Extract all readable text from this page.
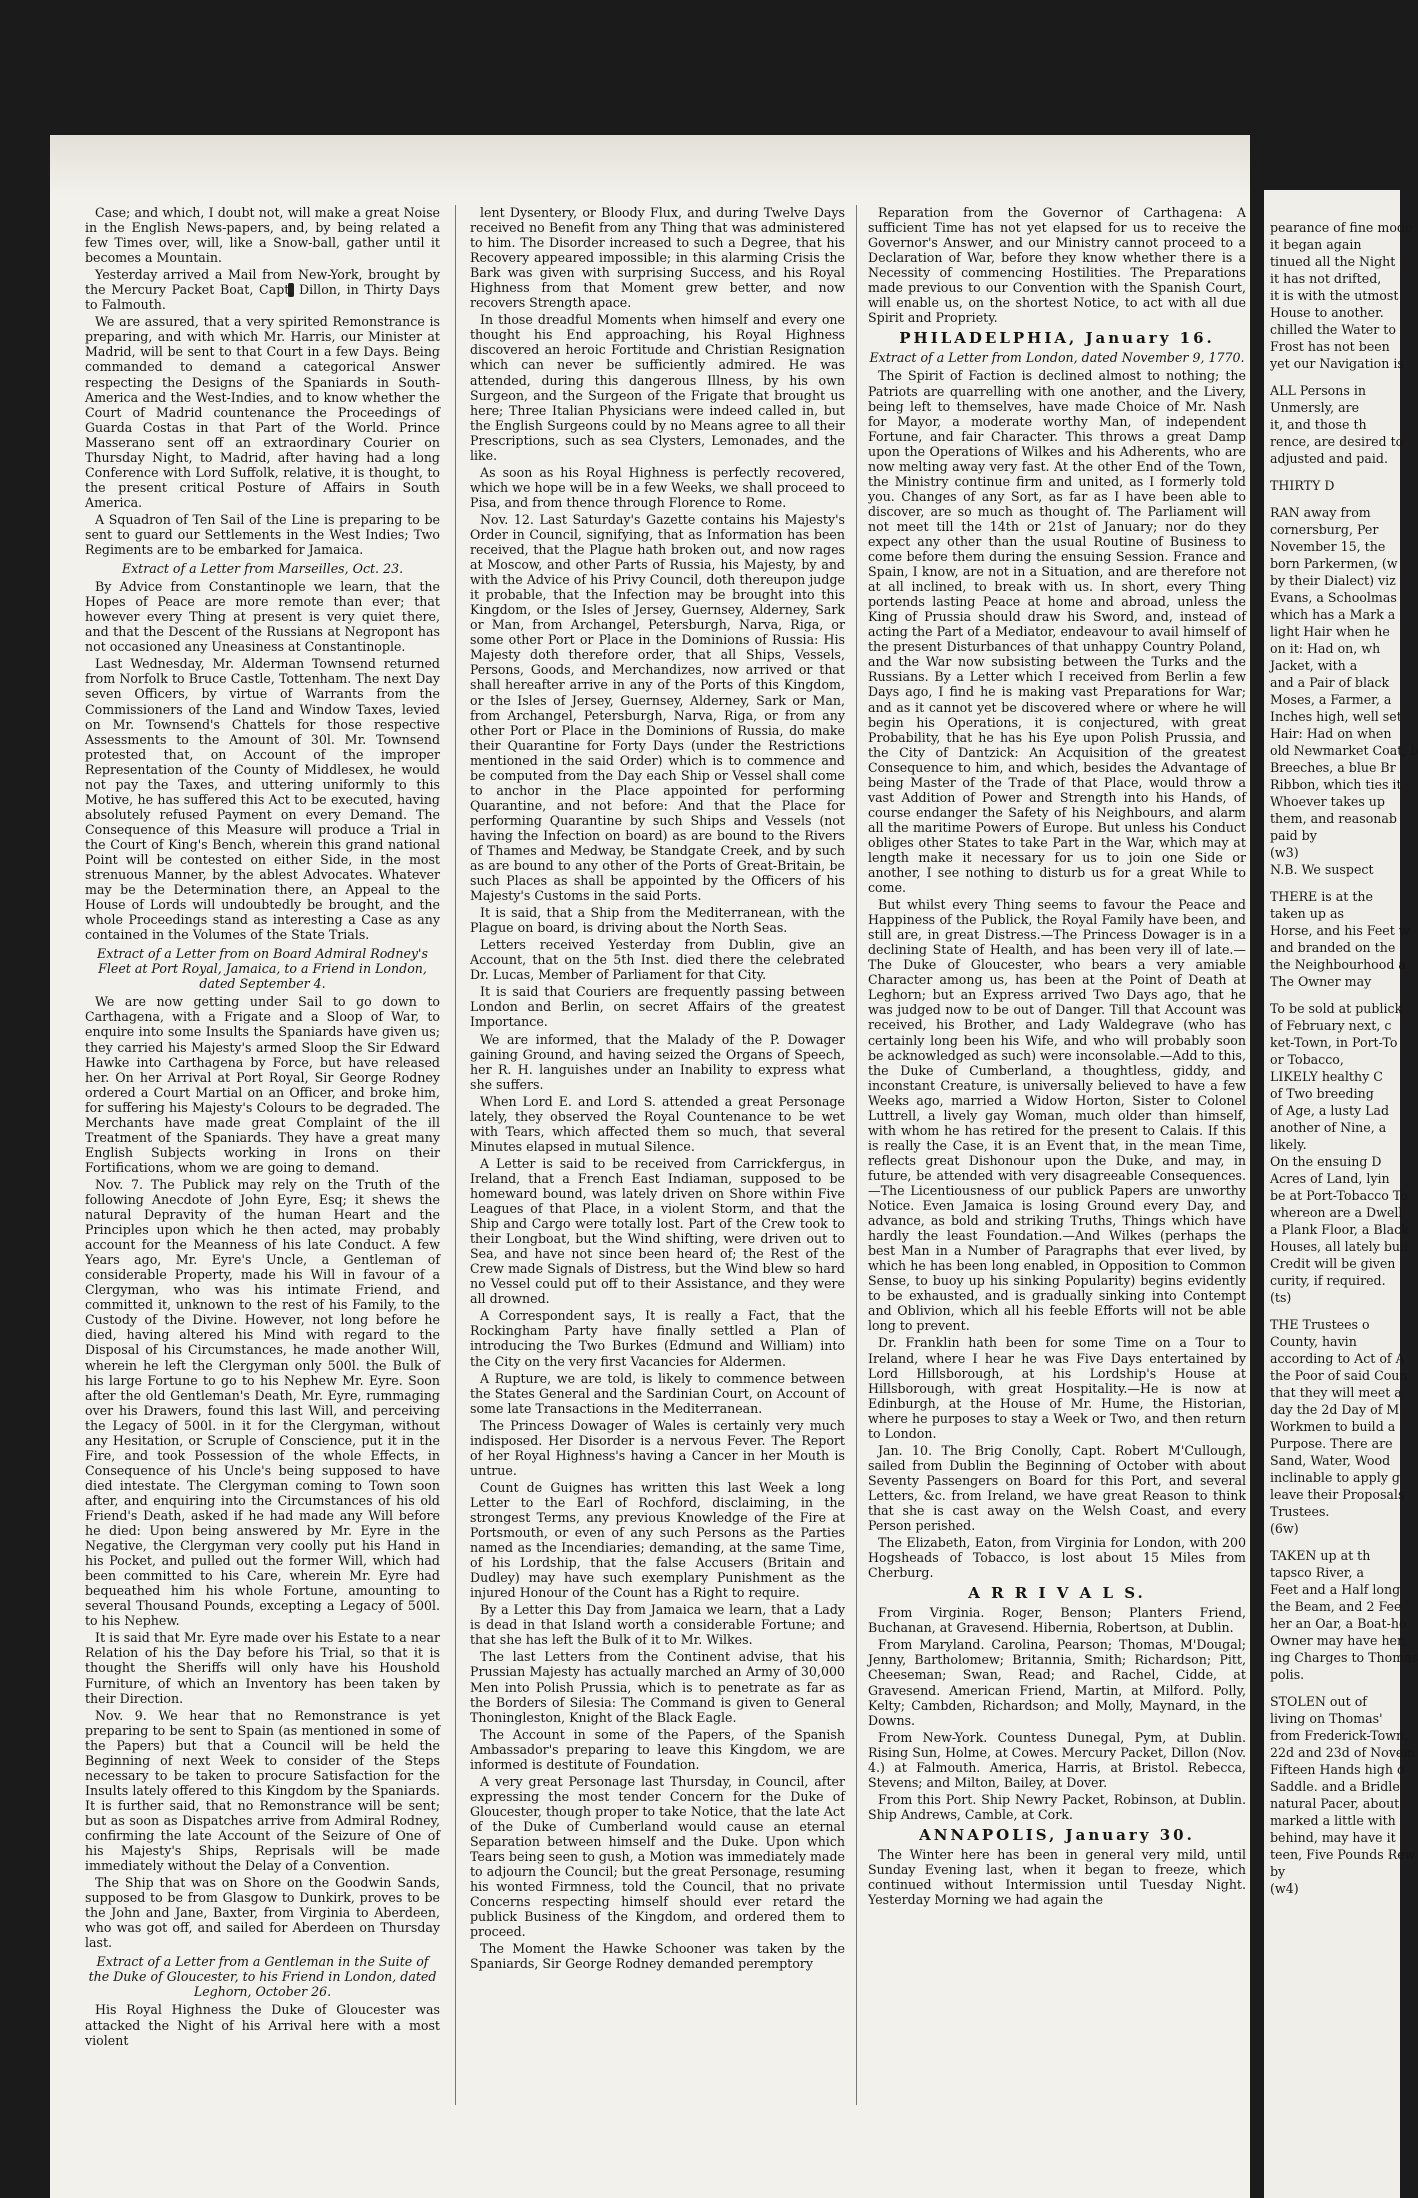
Case; and which, I doubt not, will make a great Noise in the English News-papers, and, by being related a few Times over, will, like a Snow-ball, gather until it becomes a Mountain.

Yesterday arrived a Mail from New-York, brought by the Mercury Packet Boat, Capt. Dillon, in Thirty Days to Falmouth.

We are assured, that a very spirited Remonstrance is preparing, and with which Mr. Harris, our Minister at Madrid, will be sent to that Court in a few Days. Being commanded to demand a categorical Answer respecting the Designs of the Spaniards in South-America and the West-Indies, and to know whether the Court of Madrid countenance the Proceedings of Guarda Costas in that Part of the World. Prince Masserano sent off an extraordinary Courier on Thursday Night, to Madrid, after having had a long Conference with Lord Suffolk, relative, it is thought, to the present critical Posture of Affairs in South America.

A Squadron of Ten Sail of the Line is preparing to be sent to guard our Settlements in the West Indies; Two Regiments are to be embarked for Jamaica.

Extract of a Letter from Marseilles, Oct. 23.

By Advice from Constantinople we learn, that the Hopes of Peace are more remote than ever; that however every Thing at present is very quiet there, and that the Descent of the Russians at Negropont has not occasioned any Uneasiness at Constantinople.

Last Wednesday, Mr. Alderman Townsend returned from Norfolk to Bruce Castle, Tottenham. The next Day seven Officers, by virtue of Warrants from the Commissioners of the Land and Window Taxes, levied on Mr. Townsend's Chattels for those respective Assessments to the Amount of 30l. Mr. Townsend protested that, on Account of the improper Representation of the County of Middlesex, he would not pay the Taxes, and uttering uniformly to this Motive, he has suffered this Act to be executed, having absolutely refused Payment on every Demand. The Consequence of this Measure will produce a Trial in the Court of King's Bench, wherein this grand national Point will be contested on either Side, in the most strenuous Manner, by the ablest Advocates. Whatever may be the Determination there, an Appeal to the House of Lords will undoubtedly be brought, and the whole Proceedings stand as interesting a Case as any contained in the Volumes of the State Trials.

Extract of a Letter from on Board Admiral Rodney's Fleet at Port Royal, Jamaica, to a Friend in London, dated September 4.

We are now getting under Sail to go down to Carthagena, with a Frigate and a Sloop of War, to enquire into some Insults the Spaniards have given us; they carried his Majesty's armed Sloop the Sir Edward Hawke into Carthagena by Force, but have released her. On her Arrival at Port Royal, Sir George Rodney ordered a Court Martial on an Officer, and broke him, for suffering his Majesty's Colours to be degraded. The Merchants have made great Complaint of the ill Treatment of the Spaniards. They have a great many English Subjects working in Irons on their Fortifications, whom we are going to demand.

Nov. 7. The Publick may rely on the Truth of the following Anecdote of John Eyre, Esq; it shews the natural Depravity of the human Heart and the Principles upon which he then acted, may probably account for the Meanness of his late Conduct. A few Years ago, Mr. Eyre's Uncle, a Gentleman of considerable Property, made his Will in favour of a Clergyman, who was his intimate Friend, and committed it, unknown to the rest of his Family, to the Custody of the Divine. However, not long before he died, having altered his Mind with regard to the Disposal of his Circumstances, he made another Will, wherein he left the Clergyman only 500l. the Bulk of his large Fortune to go to his Nephew Mr. Eyre. Soon after the old Gentleman's Death, Mr. Eyre, rummaging over his Drawers, found this last Will, and perceiving the Legacy of 500l. in it for the Clergyman, without any Hesitation, or Scruple of Conscience, put it in the Fire, and took Possession of the whole Effects, in Consequence of his Uncle's being supposed to have died intestate. The Clergyman coming to Town soon after, and enquiring into the Circumstances of his old Friend's Death, asked if he had made any Will before he died: Upon being answered by Mr. Eyre in the Negative, the Clergyman very coolly put his Hand in his Pocket, and pulled out the former Will, which had been committed to his Care, wherein Mr. Eyre had bequeathed him his whole Fortune, amounting to several Thousand Pounds, excepting a Legacy of 500l. to his Nephew.

It is said that Mr. Eyre made over his Estate to a near Relation of his the Day before his Trial, so that it is thought the Sheriffs will only have his Houshold Furniture, of which an Inventory has been taken by their Direction.

Nov. 9. We hear that no Remonstrance is yet preparing to be sent to Spain (as mentioned in some of the Papers) but that a Council will be held the Beginning of next Week to consider of the Steps necessary to be taken to procure Satisfaction for the Insults lately offered to this Kingdom by the Spaniards. It is further said, that no Remonstrance will be sent; but as soon as Dispatches arrive from Admiral Rodney, confirming the late Account of the Seizure of One of his Majesty's Ships, Reprisals will be made immediately without the Delay of a Convention.

The Ship that was on Shore on the Goodwin Sands, supposed to be from Glasgow to Dunkirk, proves to be the John and Jane, Baxter, from Virginia to Aberdeen, who was got off, and sailed for Aberdeen on Thursday last.

Extract of a Letter from a Gentleman in the Suite of the Duke of Gloucester, to his Friend in London, dated Leghorn, October 26.

His Royal Highness the Duke of Gloucester was attacked the Night of his Arrival here with a most violent

lent Dysentery, or Bloody Flux, and during Twelve Days received no Benefit from any Thing that was administered to him. The Disorder increased to such a Degree, that his Recovery appeared impossible; in this alarming Crisis the Bark was given with surprising Success, and his Royal Highness from that Moment grew better, and now recovers Strength apace.

In those dreadful Moments when himself and every one thought his End approaching, his Royal Highness discovered an heroic Fortitude and Christian Resignation which can never be sufficiently admired. He was attended, during this dangerous Illness, by his own Surgeon, and the Surgeon of the Frigate that brought us here; Three Italian Physicians were indeed called in, but the English Surgeons could by no Means agree to all their Prescriptions, such as sea Clysters, Lemonades, and the like.

As soon as his Royal Highness is perfectly recovered, which we hope will be in a few Weeks, we shall proceed to Pisa, and from thence through Florence to Rome.

Nov. 12. Last Saturday's Gazette contains his Majesty's Order in Council, signifying, that as Information has been received, that the Plague hath broken out, and now rages at Moscow, and other Parts of Russia, his Majesty, by and with the Advice of his Privy Council, doth thereupon judge it probable, that the Infection may be brought into this Kingdom, or the Isles of Jersey, Guernsey, Alderney, Sark or Man, from Archangel, Petersburgh, Narva, Riga, or some other Port or Place in the Dominions of Russia: His Majesty doth therefore order, that all Ships, Vessels, Persons, Goods, and Merchandizes, now arrived or that shall hereafter arrive in any of the Ports of this Kingdom, or the Isles of Jersey, Guernsey, Alderney, Sark or Man, from Archangel, Petersburgh, Narva, Riga, or from any other Port or Place in the Dominions of Russia, do make their Quarantine for Forty Days (under the Restrictions mentioned in the said Order) which is to commence and be computed from the Day each Ship or Vessel shall come to anchor in the Place appointed for performing Quarantine, and not before: And that the Place for performing Quarantine by such Ships and Vessels (not having the Infection on board) as are bound to the Rivers of Thames and Medway, be Standgate Creek, and by such as are bound to any other of the Ports of Great-Britain, be such Places as shall be appointed by the Officers of his Majesty's Customs in the said Ports.

It is said, that a Ship from the Mediterranean, with the Plague on board, is driving about the North Seas.

Letters received Yesterday from Dublin, give an Account, that on the 5th Inst. died there the celebrated Dr. Lucas, Member of Parliament for that City.

It is said that Couriers are frequently passing between London and Berlin, on secret Affairs of the greatest Importance.

We are informed, that the Malady of the P. Dowager gaining Ground, and having seized the Organs of Speech, her R. H. languishes under an Inability to express what she suffers.

When Lord E. and Lord S. attended a great Personage lately, they observed the Royal Countenance to be wet with Tears, which affected them so much, that several Minutes elapsed in mutual Silence.

A Letter is said to be received from Carrickfergus, in Ireland, that a French East Indiaman, supposed to be homeward bound, was lately driven on Shore within Five Leagues of that Place, in a violent Storm, and that the Ship and Cargo were totally lost. Part of the Crew took to their Longboat, but the Wind shifting, were driven out to Sea, and have not since been heard of; the Rest of the Crew made Signals of Distress, but the Wind blew so hard no Vessel could put off to their Assistance, and they were all drowned.

A Correspondent says, It is really a Fact, that the Rockingham Party have finally settled a Plan of introducing the Two Burkes (Edmund and William) into the City on the very first Vacancies for Aldermen.

A Rupture, we are told, is likely to commence between the States General and the Sardinian Court, on Account of some late Transactions in the Mediterranean.

The Princess Dowager of Wales is certainly very much indisposed. Her Disorder is a nervous Fever. The Report of her Royal Highness's having a Cancer in her Mouth is untrue.

Count de Guignes has written this last Week a long Letter to the Earl of Rochford, disclaiming, in the strongest Terms, any previous Knowledge of the Fire at Portsmouth, or even of any such Persons as the Parties named as the Incendiaries; demanding, at the same Time, of his Lordship, that the false Accusers (Britain and Dudley) may have such exemplary Punishment as the injured Honour of the Count has a Right to require.

By a Letter this Day from Jamaica we learn, that a Lady is dead in that Island worth a considerable Fortune; and that she has left the Bulk of it to Mr. Wilkes.

The last Letters from the Continent advise, that his Prussian Majesty has actually marched an Army of 30,000 Men into Polish Prussia, which is to penetrate as far as the Borders of Silesia: The Command is given to General Thoningleston, Knight of the Black Eagle.

The Account in some of the Papers, of the Spanish Ambassador's preparing to leave this Kingdom, we are informed is destitute of Foundation.

A very great Personage last Thursday, in Council, after expressing the most tender Concern for the Duke of Gloucester, though proper to take Notice, that the late Act of the Duke of Cumberland would cause an eternal Separation between himself and the Duke. Upon which Tears being seen to gush, a Motion was immediately made to adjourn the Council; but the great Personage, resuming his wonted Firmness, told the Council, that no private Concerns respecting himself should ever retard the publick Business of the Kingdom, and ordered them to proceed.

The Moment the Hawke Schooner was taken by the Spaniards, Sir George Rodney demanded peremptory

Reparation from the Governor of Carthagena: A sufficient Time has not yet elapsed for us to receive the Governor's Answer, and our Ministry cannot proceed to a Declaration of War, before they know whether there is a Necessity of commencing Hostilities. The Preparations made previous to our Convention with the Spanish Court, will enable us, on the shortest Notice, to act with all due Spirit and Propriety.

PHILADELPHIA, January 16.

Extract of a Letter from London, dated November 9, 1770.

The Spirit of Faction is declined almost to nothing; the Patriots are quarrelling with one another, and the Livery, being left to themselves, have made Choice of Mr. Nash for Mayor, a moderate worthy Man, of independent Fortune, and fair Character. This throws a great Damp upon the Operations of Wilkes and his Adherents, who are now melting away very fast. At the other End of the Town, the Ministry continue firm and united, as I formerly told you. Changes of any Sort, as far as I have been able to discover, are so much as thought of. The Parliament will not meet till the 14th or 21st of January; nor do they expect any other than the usual Routine of Business to come before them during the ensuing Session. France and Spain, I know, are not in a Situation, and are therefore not at all inclined, to break with us. In short, every Thing portends lasting Peace at home and abroad, unless the King of Prussia should draw his Sword, and, instead of acting the Part of a Mediator, endeavour to avail himself of the present Disturbances of that unhappy Country Poland, and the War now subsisting between the Turks and the Russians. By a Letter which I received from Berlin a few Days ago, I find he is making vast Preparations for War; and as it cannot yet be discovered where or where he will begin his Operations, it is conjectured, with great Probability, that he has his Eye upon Polish Prussia, and the City of Dantzick: An Acquisition of the greatest Consequence to him, and which, besides the Advantage of being Master of the Trade of that Place, would throw a vast Addition of Power and Strength into his Hands, of course endanger the Safety of his Neighbours, and alarm all the maritime Powers of Europe. But unless his Conduct obliges other States to take Part in the War, which may at length make it necessary for us to join one Side or another, I see nothing to disturb us for a great While to come.

But whilst every Thing seems to favour the Peace and Happiness of the Publick, the Royal Family have been, and still are, in great Distress.—The Princess Dowager is in a declining State of Health, and has been very ill of late.—The Duke of Gloucester, who bears a very amiable Character among us, has been at the Point of Death at Leghorn; but an Express arrived Two Days ago, that he was judged now to be out of Danger. Till that Account was received, his Brother, and Lady Waldegrave (who has certainly long been his Wife, and who will probably soon be acknowledged as such) were inconsolable.—Add to this, the Duke of Cumberland, a thoughtless, giddy, and inconstant Creature, is universally believed to have a few Weeks ago, married a Widow Horton, Sister to Colonel Luttrell, a lively gay Woman, much older than himself, with whom he has retired for the present to Calais. If this is really the Case, it is an Event that, in the mean Time, reflects great Dishonour upon the Duke, and may, in future, be attended with very disagreeable Consequences.—The Licentiousness of our publick Papers are unworthy Notice. Even Jamaica is losing Ground every Day, and advance, as bold and striking Truths, Things which have hardly the least Foundation.—And Wilkes (perhaps the best Man in a Number of Paragraphs that ever lived, by which he has been long enabled, in Opposition to Common Sense, to buoy up his sinking Popularity) begins evidently to be exhausted, and is gradually sinking into Contempt and Oblivion, which all his feeble Efforts will not be able long to prevent.

Dr. Franklin hath been for some Time on a Tour to Ireland, where I hear he was Five Days entertained by Lord Hillsborough, at his Lordship's House at Hillsborough, with great Hospitality.—He is now at Edinburgh, at the House of Mr. Hume, the Historian, where he purposes to stay a Week or Two, and then return to London.

Jan. 10. The Brig Conolly, Capt. Robert M'Cullough, sailed from Dublin the Beginning of October with about Seventy Passengers on Board for this Port, and several Letters, &c. from Ireland, we have great Reason to think that she is cast away on the Welsh Coast, and every Person perished.

The Elizabeth, Eaton, from Virginia for London, with 200 Hogsheads of Tobacco, is lost about 15 Miles from Cherburg.

A R R I V A L S.

From Virginia. Roger, Benson; Planters Friend, Buchanan, at Gravesend. Hibernia, Robertson, at Dublin.

From Maryland. Carolina, Pearson; Thomas, M'Dougal; Jenny, Bartholomew; Britannia, Smith; Richardson; Pitt, Cheeseman; Swan, Read; and Rachel, Cidde, at Gravesend. American Friend, Martin, at Milford. Polly, Kelty; Cambden, Richardson; and Molly, Maynard, in the Downs.

From New-York. Countess Dunegal, Pym, at Dublin. Rising Sun, Holme, at Cowes. Mercury Packet, Dillon (Nov. 4.) at Falmouth. America, Harris, at Bristol. Rebecca, Stevens; and Milton, Bailey, at Dover.

From this Port. Ship Newry Packet, Robinson, at Dublin. Ship Andrews, Camble, at Cork.

ANNAPOLIS, January 30.

The Winter here has been in general very mild, until Sunday Evening last, when it began to freeze, which continued without Intermission until Tuesday Night. Yesterday Morning we had again the

pearance of fine mode

it began again

tinued all the Night

it has not drifted,

it is with the utmost

House to another.

chilled the Water to

Frost has not been

yet our Navigation is

ALL Persons in

Unmersly, are

it, and those th

rence, are desired to

adjusted and paid.

THIRTY D

RAN away from

cornersburg, Per

November 15, the

born Parkermen, (w

by their Dialect) viz

Evans, a Schoolmas

which has a Mark a

light Hair when he

on it: Had on, wh

Jacket, with a

and a Pair of black

Moses, a Farmer, a

Inches high, well set

Hair: Had on when

old Newmarket Coat, b

Breeches, a blue Br

Ribbon, which ties it

Whoever takes up

them, and reasonab

paid by

(w3)

N.B. We suspect

THERE is at the

taken up as

Horse, and his Feet w

and branded on the

the Neighbourhood a

The Owner may

To be sold at publick

of February next, c

ket-Town, in Port-To

or Tobacco,

LIKELY healthy C

of Two breeding

of Age, a lusty Lad

another of Nine, a

likely.

On the ensuing D

Acres of Land, lyin

be at Port-Tobacco To

whereon are a Dwell

a Plank Floor, a Black

Houses, all lately buil

Credit will be given

curity, if required.

(ts)

THE Trustees o

County, havin

according to Act of A

the Poor of said Coun

that they will meet a

day the 2d Day of M

Workmen to build a

Purpose. There are

Sand, Water, Wood

inclinable to apply g

leave their Proposals

Trustees.

(6w)

TAKEN up at th

tapsco River, a

Feet and a Half long

the Beam, and 2 Fee

her an Oar, a Boat-ho

Owner may have her,

ing Charges to Thomas

polis.

STOLEN out of

living on Thomas'

from Frederick-Town,

22d and 23d of Novem

Fifteen Hands high o

Saddle. and a Bridle

natural Pacer, about

marked a little with

behind, may have it

teen, Five Pounds Rew

by

(w4)
